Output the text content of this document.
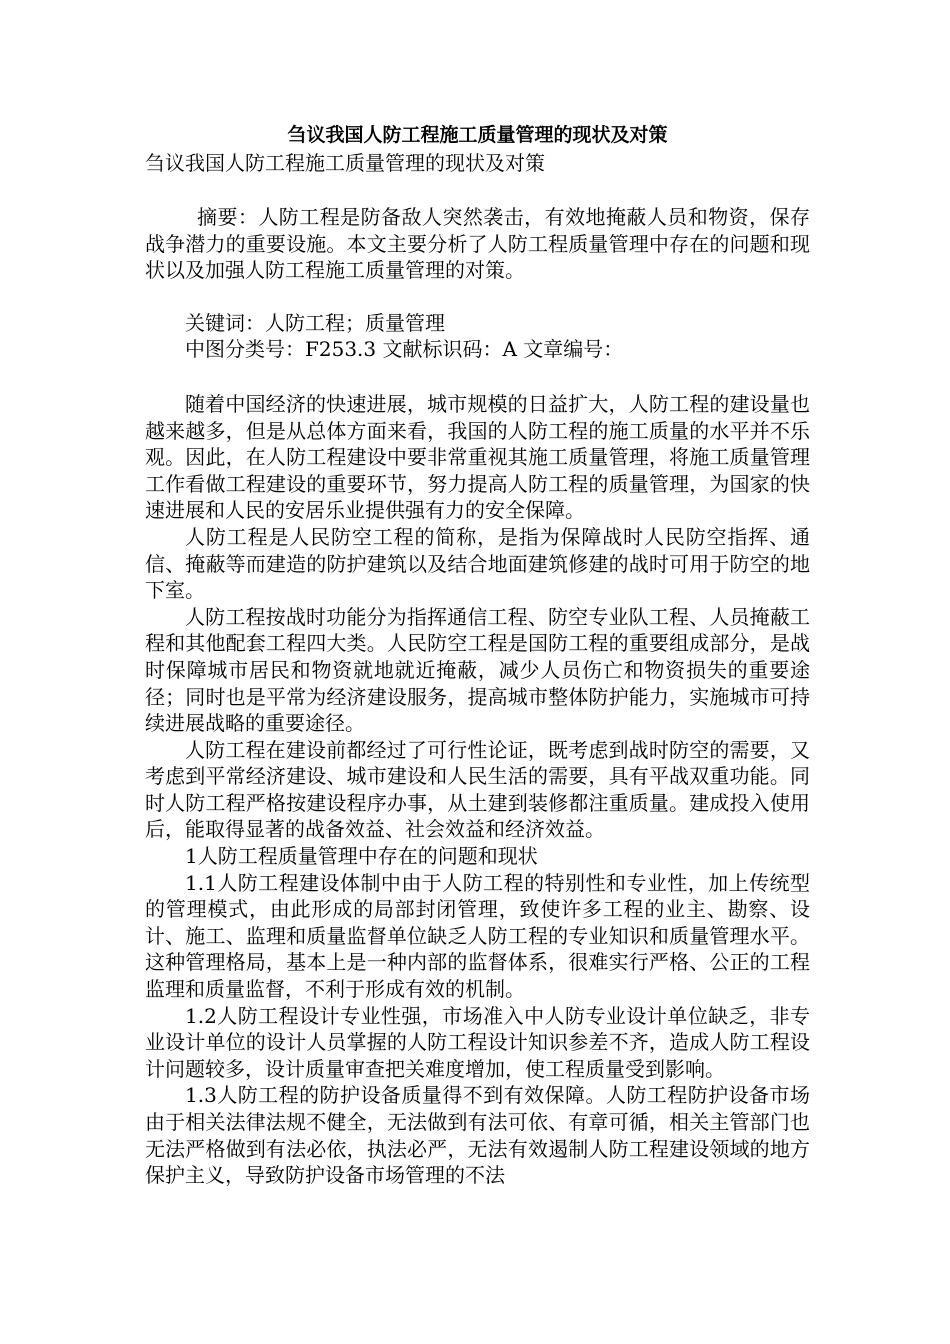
刍议我国人防工程施工质量管理的现状及对策

刍议我国人防工程施工质量管理的现状及对策

摘要：人防工程是防备敌人突然袭击，有效地掩蔽人员和物资，保存战争潜力的重要设施。本文主要分析了人防工程质量管理中存在的问题和现状以及加强人防工程施工质量管理的对策。

关键词：人防工程；质量管理

中图分类号：F253.3 文献标识码：A 文章编号：

随着中国经济的快速进展，城市规模的日益扩大，人防工程的建设量也越来越多，但是从总体方面来看，我国的人防工程的施工质量的水平并不乐观。因此，在人防工程建设中要非常重视其施工质量管理，将施工质量管理工作看做工程建设的重要环节，努力提高人防工程的质量管理，为国家的快速进展和人民的安居乐业提供强有力的安全保障。

人防工程是人民防空工程的简称，是指为保障战时人民防空指挥、通信、掩蔽等而建造的防护建筑以及结合地面建筑修建的战时可用于防空的地下室。

人防工程按战时功能分为指挥通信工程、防空专业队工程、人员掩蔽工程和其他配套工程四大类。人民防空工程是国防工程的重要组成部分，是战时保障城市居民和物资就地就近掩蔽，减少人员伤亡和物资损失的重要途径；同时也是平常为经济建设服务，提高城市整体防护能力，实施城市可持续进展战略的重要途径。

人防工程在建设前都经过了可行性论证，既考虑到战时防空的需要，又考虑到平常经济建设、城市建设和人民生活的需要，具有平战双重功能。同时人防工程严格按建设程序办事，从土建到装修都注重质量。建成投入使用后，能取得显著的战备效益、社会效益和经济效益。

1人防工程质量管理中存在的问题和现状

1.1人防工程建设体制中由于人防工程的特别性和专业性，加上传统型的管理模式，由此形成的局部封闭管理，致使许多工程的业主、勘察、设计、施工、监理和质量监督单位缺乏人防工程的专业知识和质量管理水平。这种管理格局，基本上是一种内部的监督体系，很难实行严格、公正的工程监理和质量监督，不利于形成有效的机制。

1.2人防工程设计专业性强，市场准入中人防专业设计单位缺乏，非专业设计单位的设计人员掌握的人防工程设计知识参差不齐，造成人防工程设计问题较多，设计质量审查把关难度增加，使工程质量受到影响。

1.3人防工程的防护设备质量得不到有效保障。人防工程防护设备市场由于相关法律法规不健全，无法做到有法可依、有章可循，相关主管部门也无法严格做到有法必依，执法必严，无法有效遏制人防工程建设领域的地方保护主义，导致防护设备市场管理的不法
